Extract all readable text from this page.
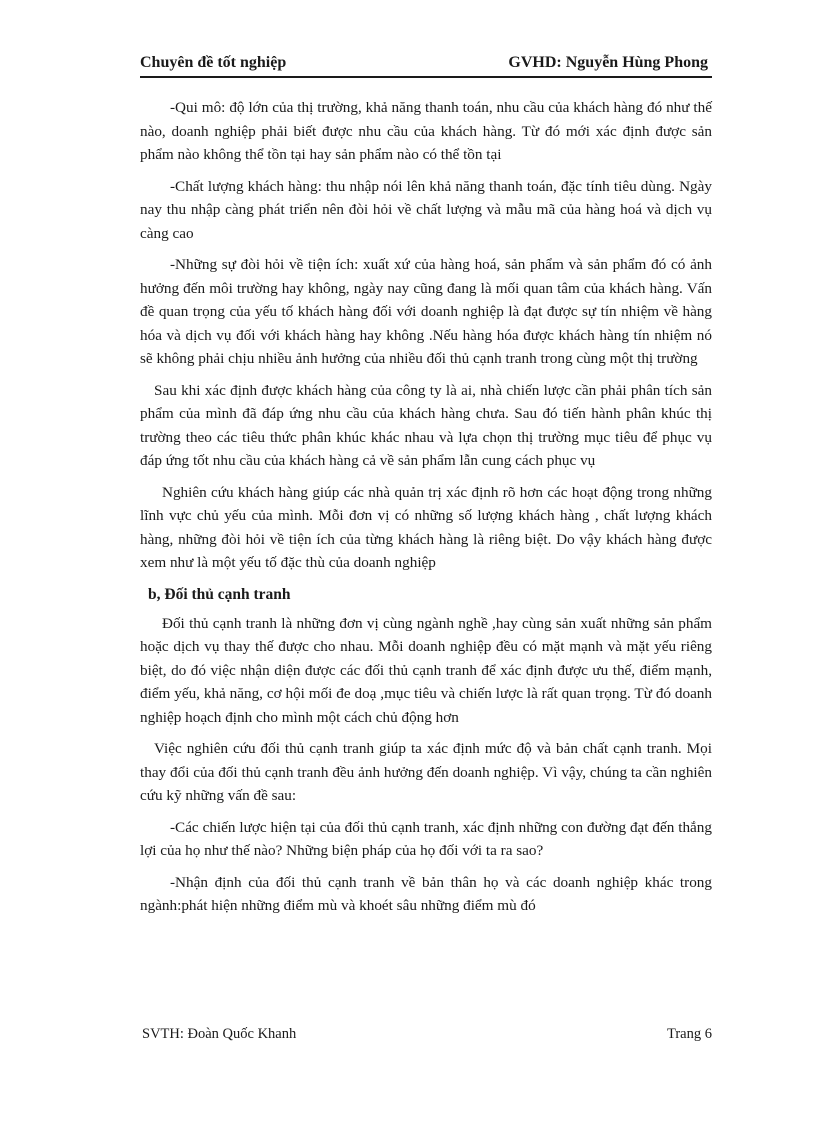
Chuyên đề tốt nghiệp	GVHD: Nguyễn Hùng Phong

-Qui mô: độ lớn của thị trường, khả năng thanh toán, nhu cầu của khách hàng đó như thế nào, doanh nghiệp phải biết được nhu cầu của khách hàng. Từ đó mới xác định được sản phẩm nào không thể tồn tại hay sản phẩm nào có thể tồn tại

-Chất lượng khách hàng: thu nhập nói lên khả năng thanh toán, đặc tính tiêu dùng. Ngày nay thu nhập càng phát triển nên đòi hỏi về chất lượng và mẫu mã của hàng hoá và dịch vụ càng cao

-Những sự đòi hỏi về tiện ích: xuất xứ của hàng hoá, sản phẩm và sản phẩm đó có ảnh hưởng đến môi trường hay không, ngày nay cũng đang là mối quan tâm của khách hàng. Vấn đề quan trọng của yếu tố khách hàng đối với doanh nghiệp là đạt được sự tín nhiệm về hàng hóa và dịch vụ đối với khách hàng hay không .Nếu hàng hóa được khách hàng tín nhiệm nó sẽ không phải chịu nhiều ảnh hưởng của nhiều đối thủ cạnh tranh trong cùng một thị trường

Sau khi xác định được khách hàng của công ty là ai, nhà chiến lược cần phải phân tích sản phẩm của mình đã đáp ứng nhu cầu của khách hàng chưa. Sau đó tiến hành phân khúc thị trường theo các tiêu thức phân khúc khác nhau và lựa chọn thị trường mục tiêu để phục vụ đáp ứng tốt nhu cầu của khách hàng cả về sản phẩm lẫn cung cách phục vụ

Nghiên cứu khách hàng giúp các nhà quản trị xác định rõ hơn các hoạt động trong những lĩnh vực chủ yếu của mình. Mỗi đơn vị có những số lượng khách hàng , chất lượng khách hàng, những đòi hỏi về tiện ích của từng khách hàng là riêng biệt. Do vậy khách hàng được xem như là một yếu tố đặc thù của doanh nghiệp

b, Đối thủ cạnh tranh

Đối thủ cạnh tranh là những đơn vị cùng ngành nghề ,hay cùng sản xuất những sản phẩm hoặc dịch vụ thay thế được cho nhau. Mỗi doanh nghiệp đều có mặt mạnh và mặt yếu riêng biệt, do đó việc nhận diện được các đối thủ cạnh tranh để xác định được ưu thế, điểm mạnh, điểm yếu, khả năng, cơ hội mối đe doạ ,mục tiêu và chiến lược là rất quan trọng. Từ đó doanh nghiệp hoạch định cho mình một cách chủ động hơn

Việc nghiên cứu đối thủ cạnh tranh giúp ta xác định mức độ và bản chất cạnh tranh. Mọi thay đổi của đối thủ cạnh tranh đều ảnh hưởng đến doanh nghiệp. Vì vậy, chúng ta cần nghiên cứu kỹ những vấn đề sau:

-Các chiến lược hiện tại của đối thủ cạnh tranh, xác định những con đường đạt đến thắng lợi của họ như thế nào? Những biện pháp của họ đối với ta ra sao?

-Nhận định của đối thủ cạnh tranh về bản thân họ và các doanh nghiệp khác trong ngành:phát hiện những điểm mù và khoét sâu những điểm mù đó

SVTH: Đoàn Quốc Khanh	Trang 6
